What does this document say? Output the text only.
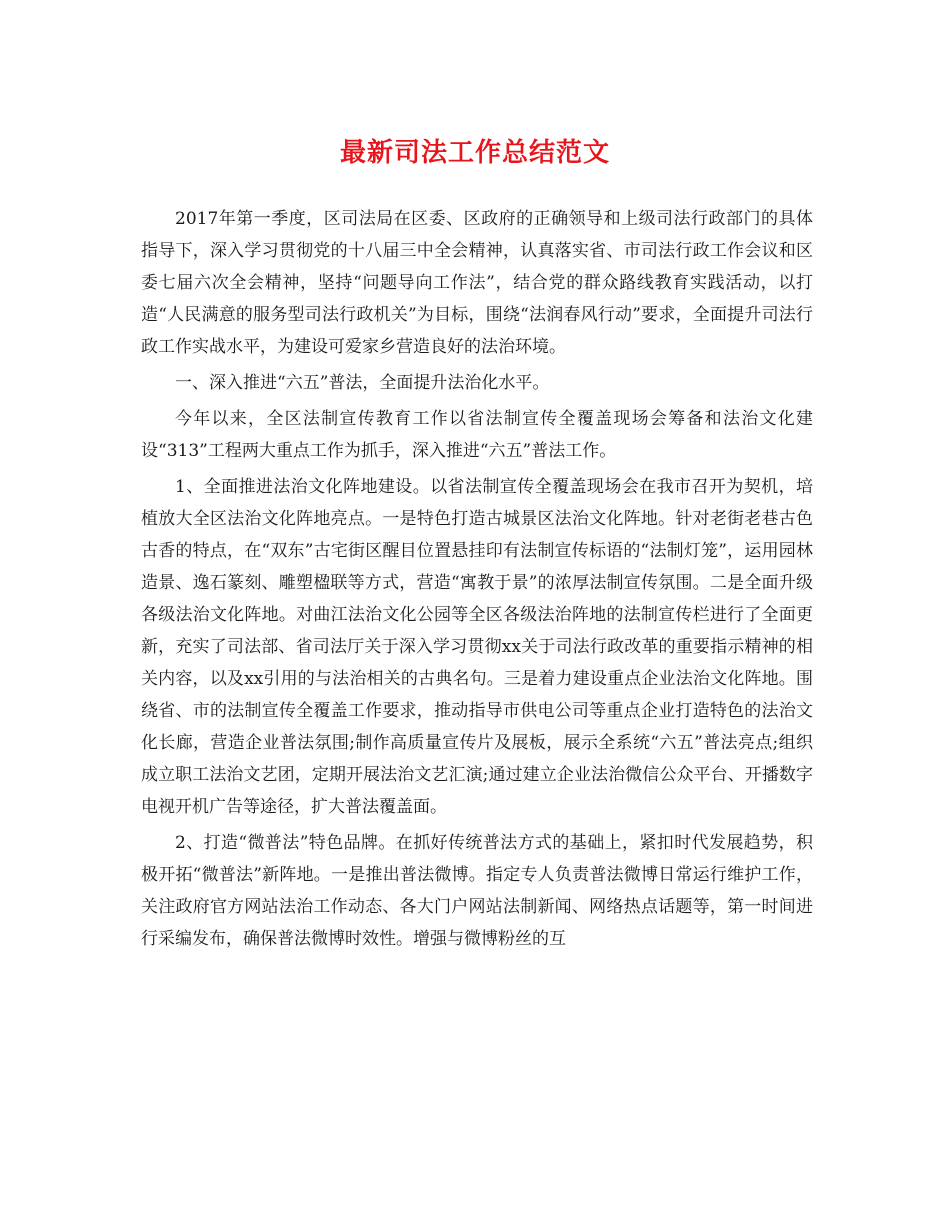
最新司法工作总结范文

2017年第一季度，区司法局在区委、区政府的正确领导和上级司法行政部门的具体指导下，深入学习贯彻党的十八届三中全会精神，认真落实省、市司法行政工作会议和区委七届六次全会精神，坚持“问题导向工作法”，结合党的群众路线教育实践活动，以打造“人民满意的服务型司法行政机关”为目标，围绕“法润春风行动”要求，全面提升司法行政工作实战水平，为建设可爱家乡营造良好的法治环境。

一、深入推进“六五”普法，全面提升法治化水平。

今年以来，全区法制宣传教育工作以省法制宣传全覆盖现场会筹备和法治文化建设“313”工程两大重点工作为抓手，深入推进“六五”普法工作。

1、全面推进法治文化阵地建设。以省法制宣传全覆盖现场会在我市召开为契机，培植放大全区法治文化阵地亮点。一是特色打造古城景区法治文化阵地。针对老街老巷古色古香的特点，在“双东”古宅街区醒目位置悬挂印有法制宣传标语的“法制灯笼”，运用园林造景、逸石篆刻、雕塑楹联等方式，营造“寓教于景”的浓厚法制宣传氛围。二是全面升级各级法治文化阵地。对曲江法治文化公园等全区各级法治阵地的法制宣传栏进行了全面更新，充实了司法部、省司法厅关于深入学习贯彻xx关于司法行政改革的重要指示精神的相关内容，以及xx引用的与法治相关的古典名句。三是着力建设重点企业法治文化阵地。围绕省、市的法制宣传全覆盖工作要求，推动指导市供电公司等重点企业打造特色的法治文化长廊，营造企业普法氛围;制作高质量宣传片及展板，展示全系统“六五”普法亮点;组织成立职工法治文艺团，定期开展法治文艺汇演;通过建立企业法治微信公众平台、开播数字电视开机广告等途径，扩大普法覆盖面。

2、打造“微普法”特色品牌。在抓好传统普法方式的基础上，紧扣时代发展趋势，积极开拓“微普法”新阵地。一是推出普法微博。指定专人负责普法微博日常运行维护工作，关注政府官方网站法治工作动态、各大门户网站法制新闻、网络热点话题等，第一时间进行采编发布，确保普法微博时效性。增强与微博粉丝的互
